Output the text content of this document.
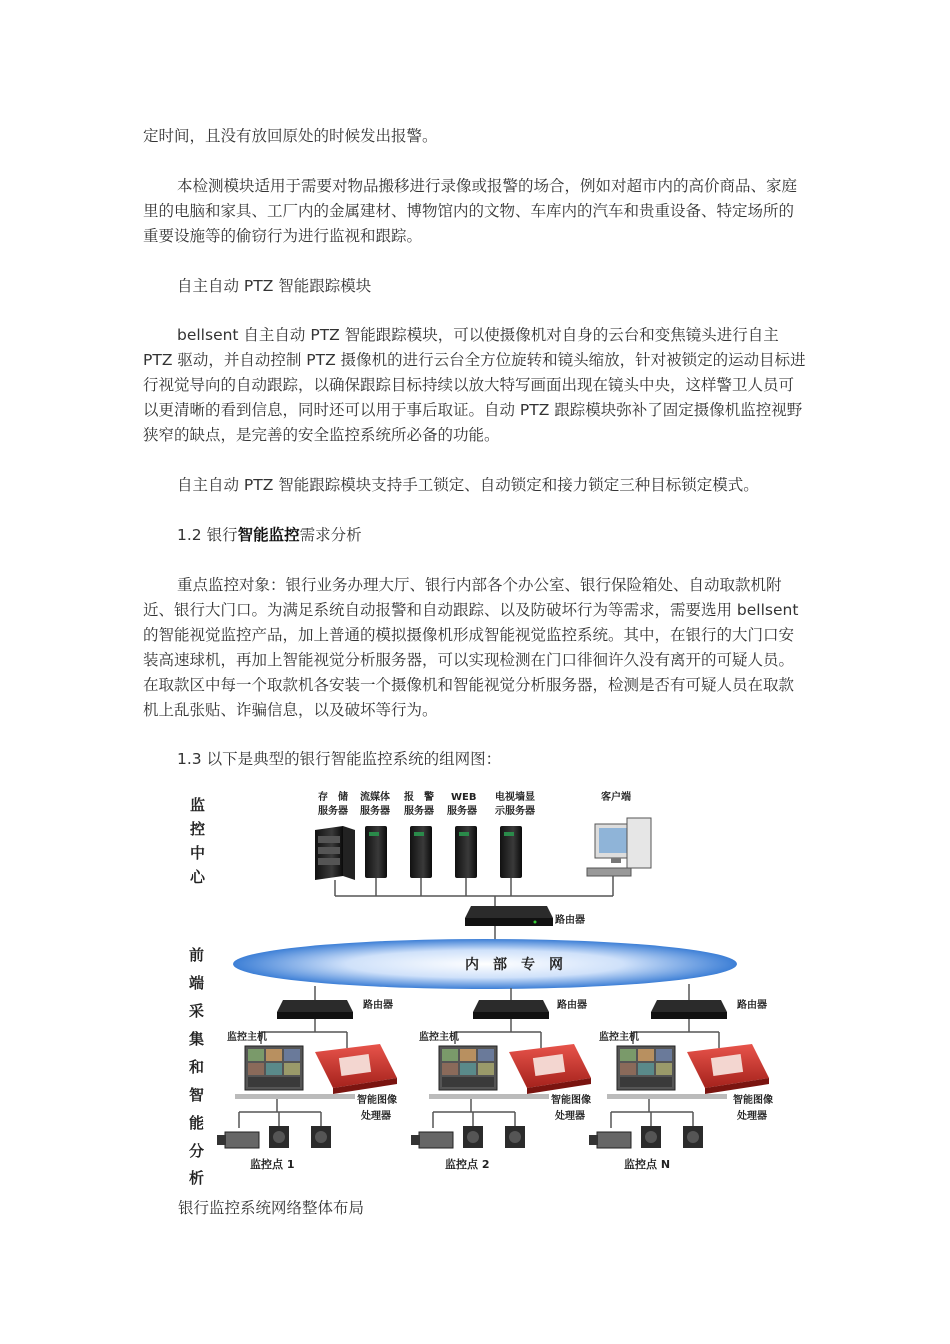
定时间，且没有放回原处的时候发出报警。

本检测模块适用于需要对物品搬移进行录像或报警的场合，例如对超市内的高价商品、家庭里的电脑和家具、工厂内的金属建材、博物馆内的文物、车库内的汽车和贵重设备、特定场所的重要设施等的偷窃行为进行监视和跟踪。

自主自动 PTZ 智能跟踪模块

bellsent 自主自动 PTZ 智能跟踪模块，可以使摄像机对自身的云台和变焦镜头进行自主 PTZ 驱动，并自动控制 PTZ 摄像机的进行云台全方位旋转和镜头缩放，针对被锁定的运动目标进行视觉导向的自动跟踪，以确保跟踪目标持续以放大特写画面出现在镜头中央，这样警卫人员可以更清晰的看到信息，同时还可以用于事后取证。自动 PTZ 跟踪模块弥补了固定摄像机监控视野狭窄的缺点，是完善的安全监控系统所必备的功能。

自主自动 PTZ 智能跟踪模块支持手工锁定、自动锁定和接力锁定三种目标锁定模式。

1.2 银行智能监控需求分析

重点监控对象：银行业务办理大厅、银行内部各个办公室、银行保险箱处、自动取款机附近、银行大门口。为满足系统自动报警和自动跟踪、以及防破坏行为等需求，需要选用 bellsent 的智能视觉监控产品，加上普通的模拟摄像机形成智能视觉监控系统。其中，在银行的大门口安装高速球机，再加上智能视觉分析服务器，可以实现检测在门口徘徊许久没有离开的可疑人员。在取款区中每一个取款机各安装一个摄像机和智能视觉分析服务器，检测是否有可疑人员在取款机上乱张贴、诈骗信息，以及破坏等行为。

1.3 以下是典型的银行智能监控系统的组网图：

监
控
中
心
前
端
采
集
和
智
能
分
析
存　储
服务器
流媒体
服务器
报　警
服务器
WEB
服务器
电视墙显
示服务器
客户端
路由器
内　部　专　网
路由器
监控主机
智能图像
处理器
监控点 1
路由器
监控主机
智能图像
处理器
监控点 2
路由器
监控主机
智能图像
处理器
监控点 N
银行监控系统网络整体布局
